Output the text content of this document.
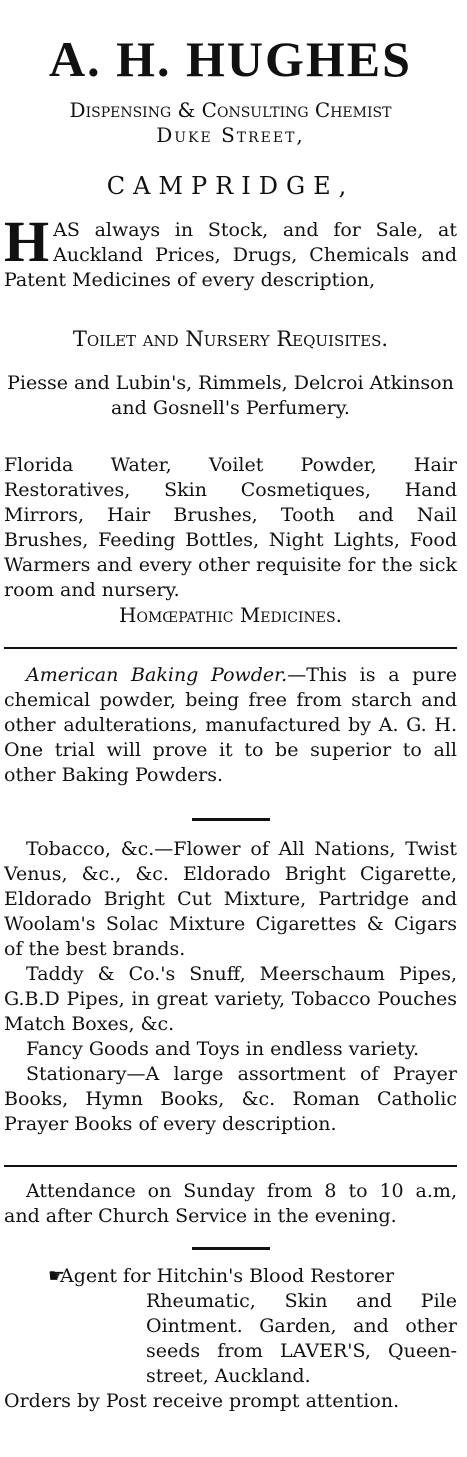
A. H. HUGHES
Dispensing & Consulting Chemist
Duke Street,
CAMPRIDGE,

HAS always in Stock, and for Sale, at Auckland Prices, Drugs, Chemicals and Patent Medicines of every description,

Toilet and Nursery Requisites.

Piesse and Lubin's, Rimmels, Delcroi Atkinson and Gosnell's Perfumery.

Florida Water, Voilet Powder, Hair Restoratives, Skin Cosmetiques, Hand Mirrors, Hair Brushes, Tooth and Nail Brushes, Feeding Bottles, Night Lights, Food Warmers and every other requisite for the sick room and nursery.

Homœpathic Medicines.

American Baking Powder.—This is a pure chemical powder, being free from starch and other adulterations, manufactured by A. G. H. One trial will prove it to be superior to all other Baking Powders.

Tobacco, &c.—Flower of All Nations, Twist Venus, &c., &c. Eldorado Bright Cigarette, Eldorado Bright Cut Mixture, Partridge and Woolam's Solac Mixture Cigarettes & Cigars of the best brands.

Taddy & Co.'s Snuff, Meerschaum Pipes, G.B.D Pipes, in great variety, Tobacco Pouches Match Boxes, &c.

Fancy Goods and Toys in endless variety.

Stationary—A large assortment of Prayer Books, Hymn Books, &c. Roman Catholic Prayer Books of every description.

Attendance on Sunday from 8 to 10 a.m, and after Church Service in the evening.

☛Agent for Hitchin's Blood Restorer

Rheumatic, Skin and Pile Ointment. Garden, and other seeds from LAVER'S, Queen-street, Auckland.

Orders by Post receive prompt attention.
